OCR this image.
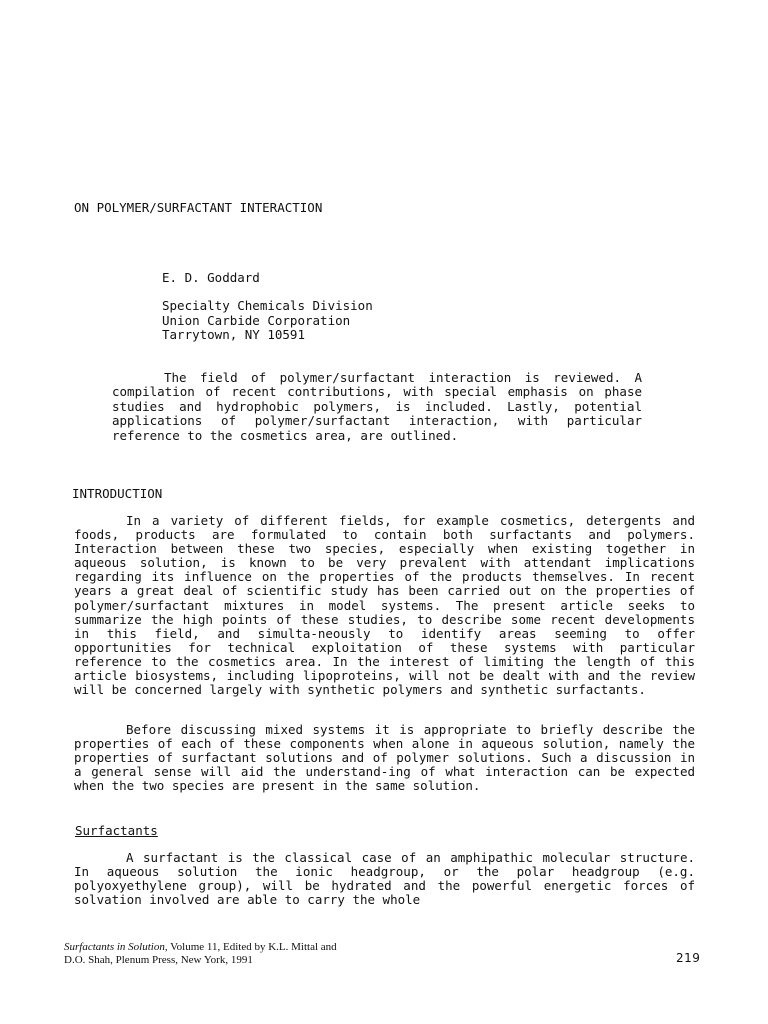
ON POLYMER/SURFACTANT INTERACTION
E. D. Goddard
Specialty Chemicals Division
Union Carbide Corporation
Tarrytown, NY 10591

The field of polymer/surfactant interaction is reviewed. A compilation of recent contributions, with special emphasis on phase studies and hydrophobic polymers, is included. Lastly, potential applications of polymer/surfactant interaction, with particular reference to the cosmetics area, are outlined.

INTRODUCTION

In a variety of different fields, for example cosmetics, detergents and foods, products are formulated to contain both surfactants and polymers. Interaction between these two species, especially when existing together in aqueous solution, is known to be very prevalent with attendant implications regarding its influence on the properties of the products themselves. In recent years a great deal of scientific study has been carried out on the properties of polymer/surfactant mixtures in model systems. The present article seeks to summarize the high points of these studies, to describe some recent developments in this field, and simulta-neously to identify areas seeming to offer opportunities for technical exploitation of these systems with particular reference to the cosmetics area. In the interest of limiting the length of this article biosystems, including lipoproteins, will not be dealt with and the review will be concerned largely with synthetic polymers and synthetic surfactants.

Before discussing mixed systems it is appropriate to briefly describe the properties of each of these components when alone in aqueous solution, namely the properties of surfactant solutions and of polymer solutions. Such a discussion in a general sense will aid the understand-ing of what interaction can be expected when the two species are present in the same solution.

Surfactants

A surfactant is the classical case of an amphipathic molecular structure. In aqueous solution the ionic headgroup, or the polar headgroup (e.g. polyoxyethylene group), will be hydrated and the powerful energetic forces of solvation involved are able to carry the whole

Surfactants in Solution, Volume 11, Edited by K.L. Mittal and
D.O. Shah, Plenum Press, New York, 1991	219
